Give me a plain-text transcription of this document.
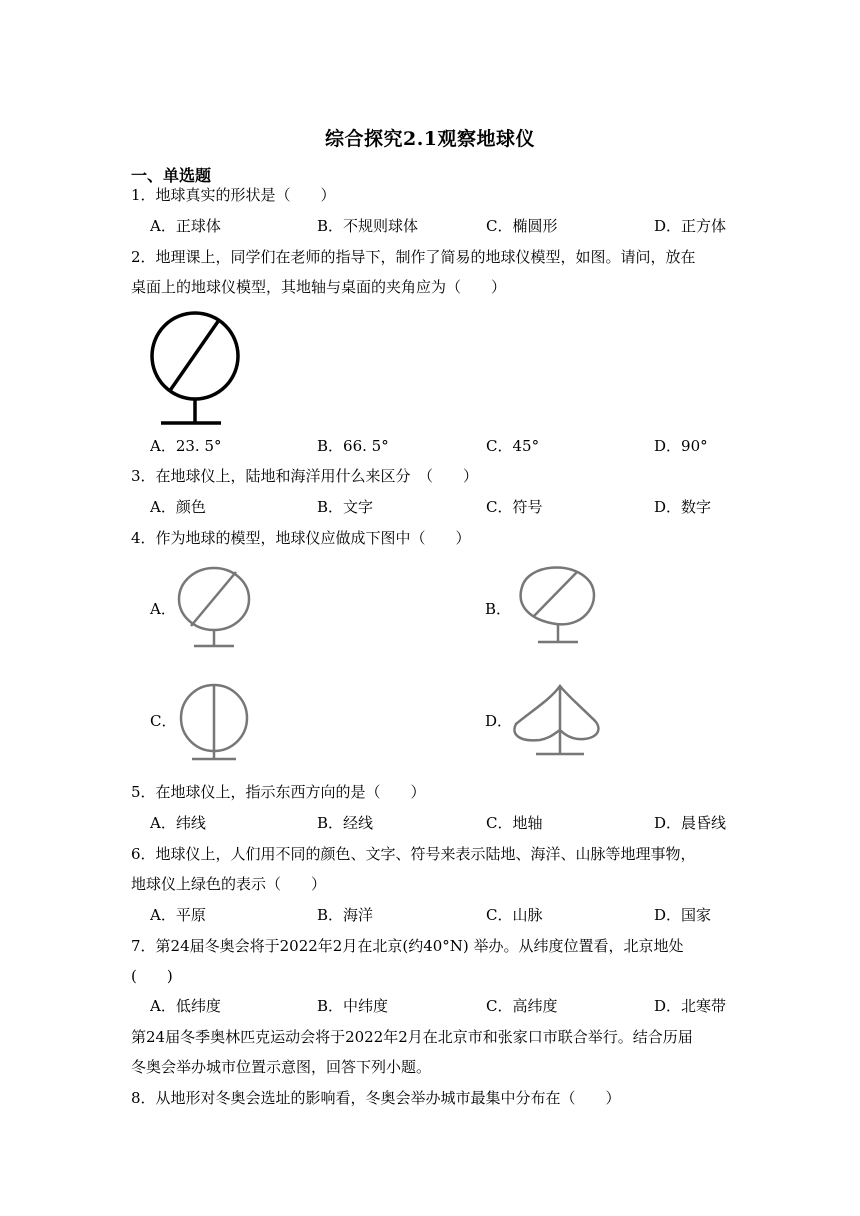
综合探究2.1观察地球仪
一、单选题
1．地球真实的形状是（　　）
A．正球体	B．不规则球体	C．椭圆形	D．正方体
2．地理课上，同学们在老师的指导下，制作了简易的地球仪模型，如图。请问，放在
桌面上的地球仪模型，其地轴与桌面的夹角应为（　　）
A．23. 5°	B．66. 5°	C．45°	D．90°
3．在地球仪上，陆地和海洋用什么来区分　（　　）
A．颜色	B．文字	C．符号	D．数字
4．作为地球的模型，地球仪应做成下图中（　　）
A．	B．
C．	D．
5．在地球仪上，指示东西方向的是（　　）
A．纬线	B．经线	C．地轴	D．晨昏线
6．地球仪上，人们用不同的颜色、文字、符号来表示陆地、海洋、山脉等地理事物，
地球仪上绿色的表示（　　）
A．平原	B．海洋	C．山脉	D．国家
7．第24届冬奥会将于2022年2月在北京(约40°N) 举办。从纬度位置看，北京地处
(　　)
A．低纬度	B．中纬度	C．高纬度	D．北寒带
第24届冬季奥林匹克运动会将于2022年2月在北京市和张家口市联合举行。结合历届
冬奥会举办城市位置示意图，回答下列小题。
8．从地形对冬奥会选址的影响看，冬奥会举办城市最集中分布在（　　）
